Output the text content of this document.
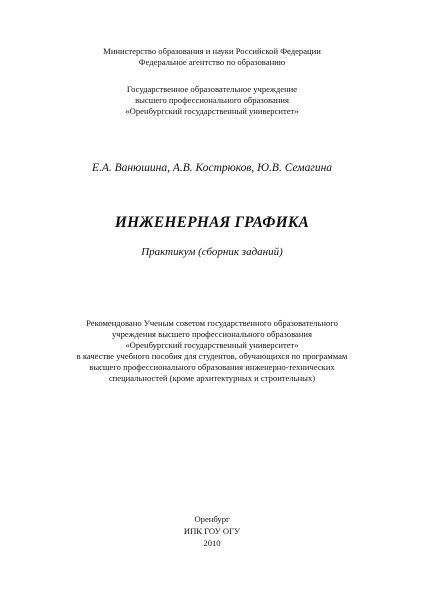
Министерство образования и науки Российской Федерации
Федеральное агентство по образованию
Государственное образовательное учреждение
высшего профессионального образования
«Оренбургский государственный университет»
Е.А. Ванюшина, А.В. Кострюков, Ю.В. Семагина
ИНЖЕНЕРНАЯ ГРАФИКА
Практикум (сборник заданий)
Рекомендовано Ученым советом государственного образовательного
учреждения высшего профессионального образования
«Оренбургский государственный университет»
в качестве учебного пособия для студентов, обучающихся по программам
высшего профессионального образования инженерно-технических
специальностей (кроме архитектурных и строительных)
Оренбург
ИПК ГОУ ОГУ
2010
